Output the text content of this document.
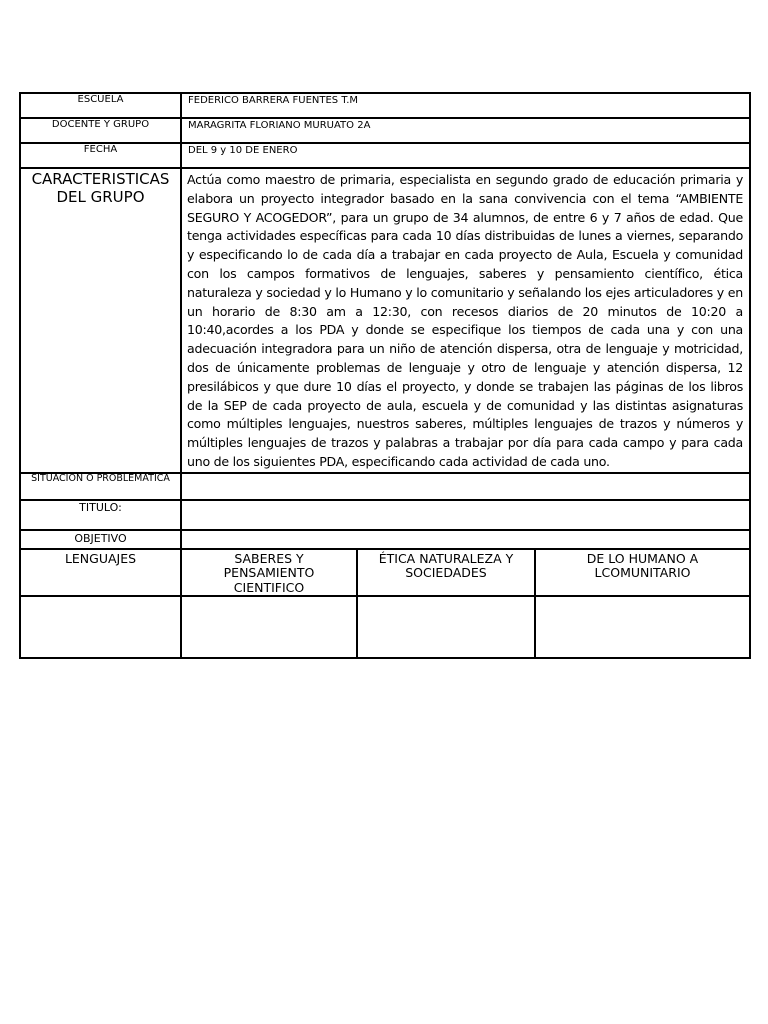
ESCUELA	FEDERICO BARRERA FUENTES T.M		
DOCENTE Y GRUPO	MARAGRITA FLORIANO MURUATO 2A		
FECHA	DEL 9 y 10 DE ENERO		
CARACTERISTICAS DEL GRUPO	Actúa como maestro de primaria, especialista en segundo grado de educación primaria y elabora un proyecto integrador basado en la sana convivencia con el tema “AMBIENTE SEGURO Y ACOGEDOR”, para un grupo de 34 alumnos, de entre 6 y 7 años de edad. Que tenga actividades específicas para cada 10 días distribuidas de lunes a viernes, separando y especificando lo de cada día a trabajar en cada proyecto de Aula, Escuela y comunidad con los campos formativos de lenguajes, saberes y pensamiento científico, ética naturaleza y sociedad y lo Humano y lo comunitario y señalando los ejes articuladores y en un horario de 8:30 am a 12:30, con recesos diarios de 20 minutos de 10:20 a 10:40,acordes a los PDA y donde se especifique los tiempos de cada una y con una adecuación integradora para un niño de atención dispersa, otra de lenguaje y motricidad, dos de únicamente problemas de lenguaje y otro de lenguaje y atención dispersa, 12 presilábicos y que dure 10 días el proyecto, y donde se trabajen las páginas de los libros de la SEP de cada proyecto de aula, escuela y de comunidad y las distintas asignaturas como múltiples lenguajes, nuestros saberes, múltiples lenguajes de trazos y números y múltiples lenguajes de trazos y palabras a trabajar por día para cada campo y para cada uno de los siguientes PDA, especificando cada actividad de cada uno.		
SITUACION O PROBLEMÁTICA			
TITULO:			
OBJETIVO			
LENGUAJES	SABERES Y PENSAMIENTO CIENTIFICO	ÉTICA NATURALEZA Y SOCIEDADES	DE LO HUMANO A LCOMUNITARIO
